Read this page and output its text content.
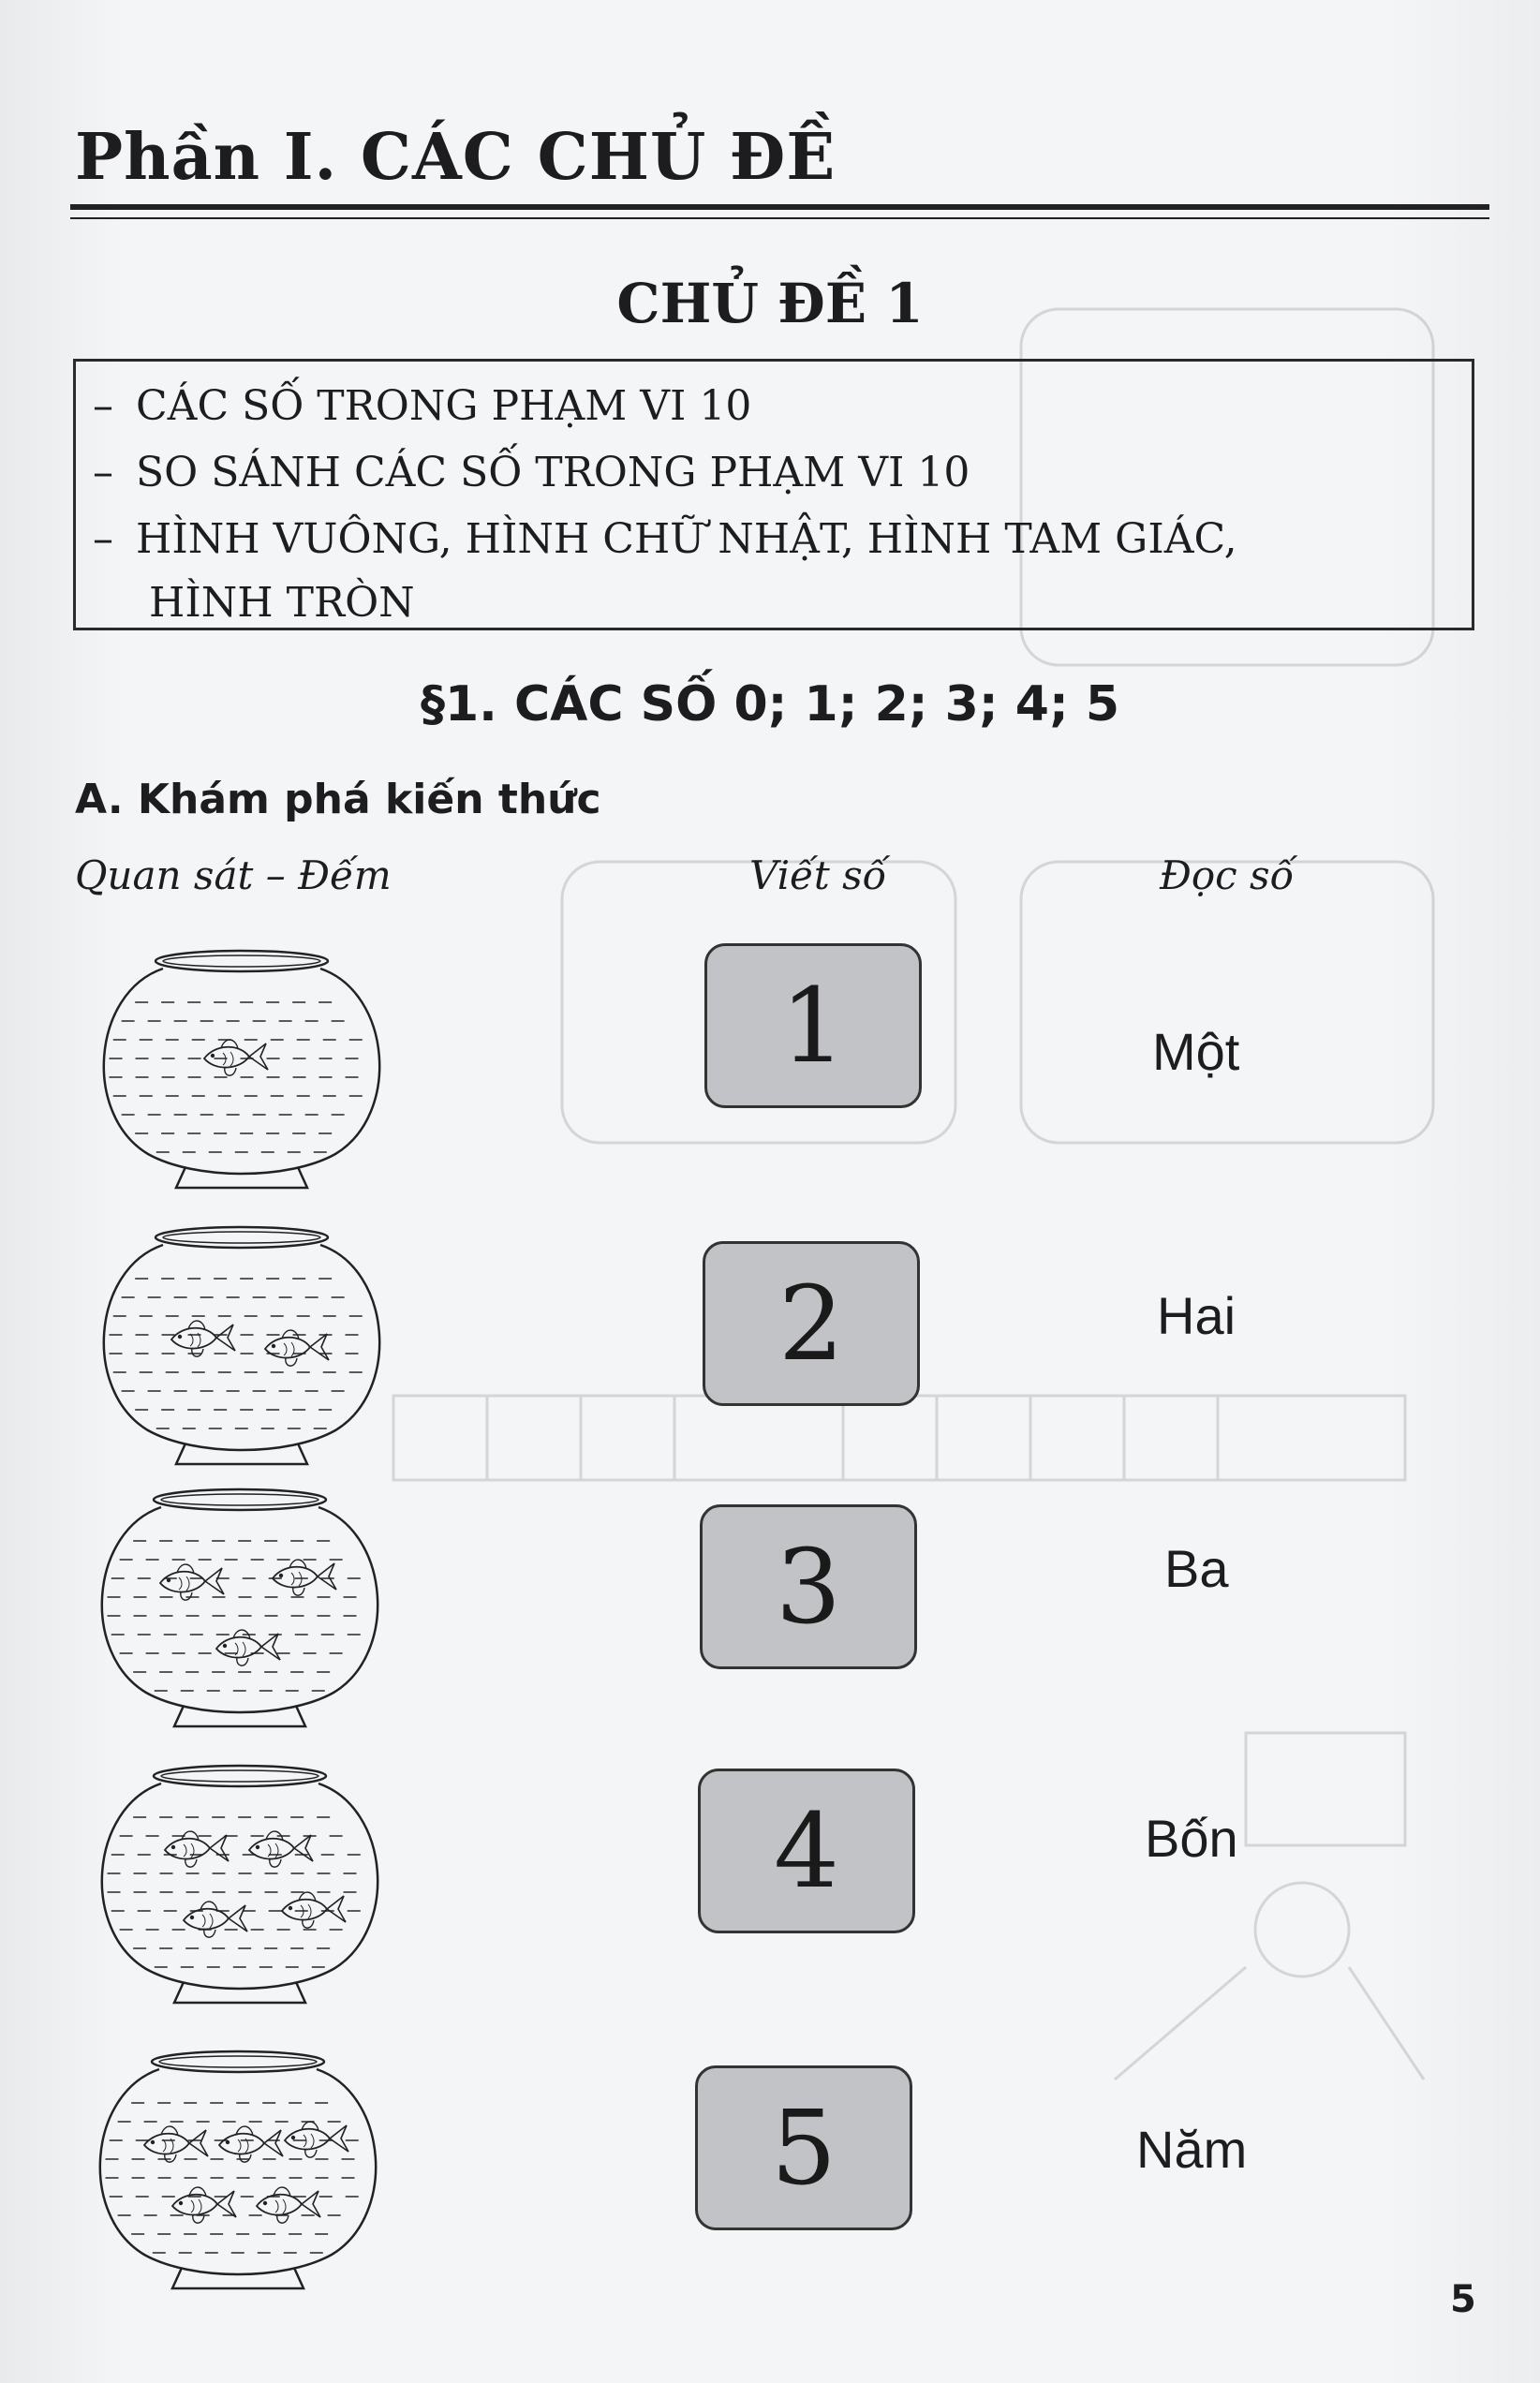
Phần I. CÁC CHỦ ĐỀ
CHỦ ĐỀ 1
– CÁC SỐ TRONG PHẠM VI 10
– SO SÁNH CÁC SỐ TRONG PHẠM VI 10
– HÌNH VUÔNG, HÌNH CHỮ NHẬT, HÌNH TAM GIÁC,
HÌNH TRÒN
§1. CÁC SỐ 0; 1; 2; 3; 4; 5
A. Khám phá kiến thức
Quan sát – Đếm	Viết số	Đọc số
1	Một
2	Hai
3	Ba
4	Bốn
5	Năm
5
